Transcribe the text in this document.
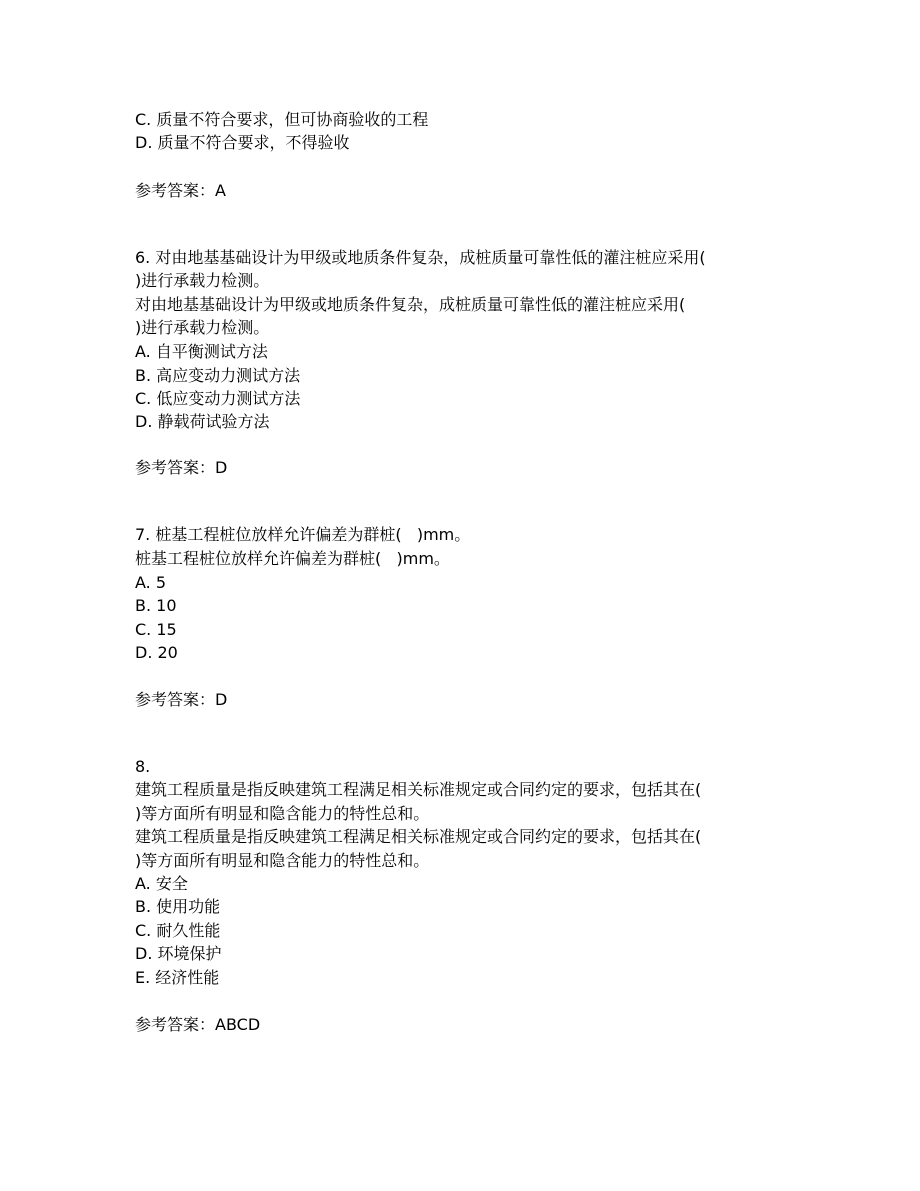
C. 质量不符合要求，但可协商验收的工程
D. 质量不符合要求，不得验收
参考答案：A
6. 对由地基基础设计为甲级或地质条件复杂，成桩质量可靠性低的灌注桩应采用(
)进行承载力检测。
对由地基基础设计为甲级或地质条件复杂，成桩质量可靠性低的灌注桩应采用(
)进行承载力检测。
A. 自平衡测试方法
B. 高应变动力测试方法
C. 低应变动力测试方法
D. 静载荷试验方法
参考答案：D
7. 桩基工程桩位放样允许偏差为群桩(   )mm。
桩基工程桩位放样允许偏差为群桩(   )mm。
A. 5
B. 10
C. 15
D. 20
参考答案：D
8.
建筑工程质量是指反映建筑工程满足相关标准规定或合同约定的要求，包括其在(
)等方面所有明显和隐含能力的特性总和。
建筑工程质量是指反映建筑工程满足相关标准规定或合同约定的要求，包括其在(
)等方面所有明显和隐含能力的特性总和。
A. 安全
B. 使用功能
C. 耐久性能
D. 环境保护
E. 经济性能
参考答案：ABCD
